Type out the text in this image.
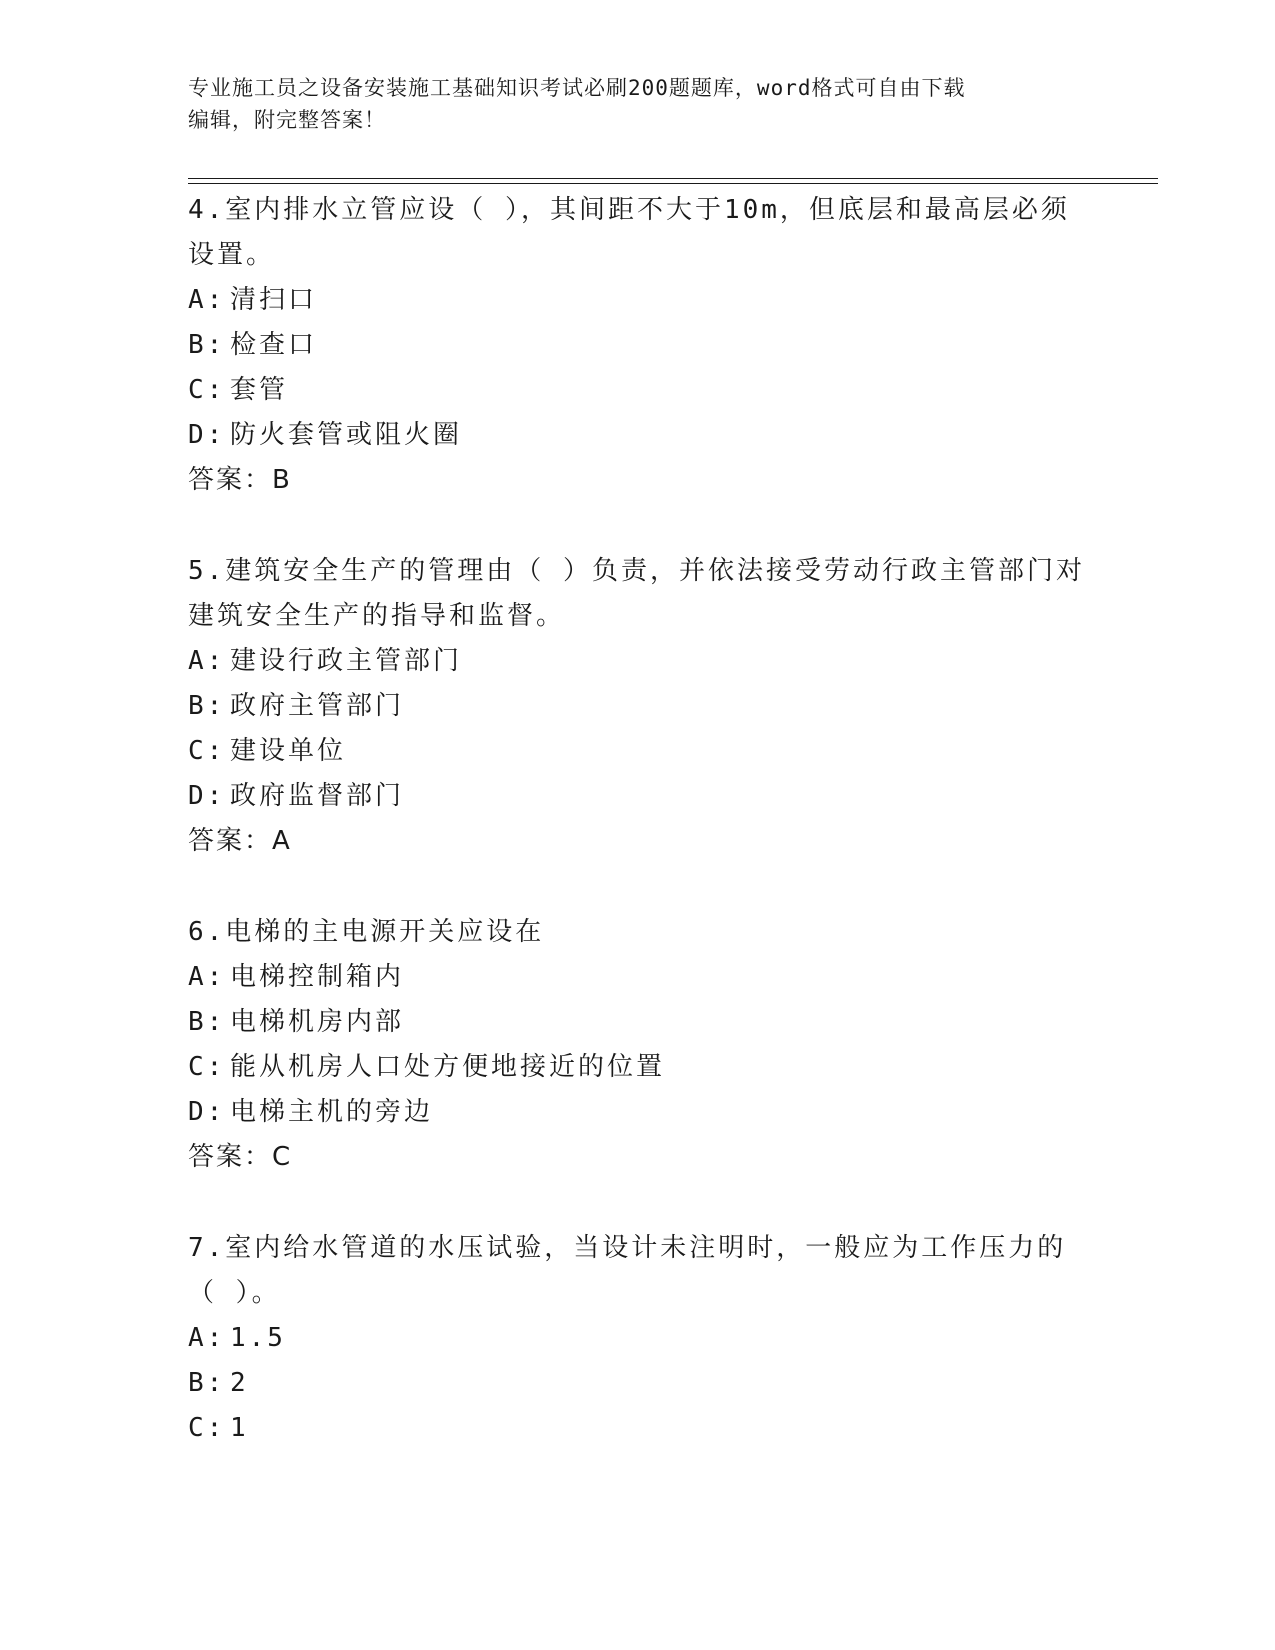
专业施工员之设备安装施工基础知识考试必刷200题题库，word格式可自由下载
编辑，附完整答案！

4.室内排水立管应设（ ），其间距不大于10m，但底层和最高层必须

设置。

A: 清扫口

B: 检查口

C: 套管

D: 防火套管或阻火圈

答案：B

5.建筑安全生产的管理由（ ）负责，并依法接受劳动行政主管部门对

建筑安全生产的指导和监督。

A: 建设行政主管部门

B: 政府主管部门

C: 建设单位

D: 政府监督部门

答案：A

6.电梯的主电源开关应设在

A: 电梯控制箱内

B: 电梯机房内部

C: 能从机房人口处方便地接近的位置

D: 电梯主机的旁边

答案：C

7.室内给水管道的水压试验，当设计未注明时，一般应为工作压力的

（ ）。

A: 1.5

B: 2

C: 1
